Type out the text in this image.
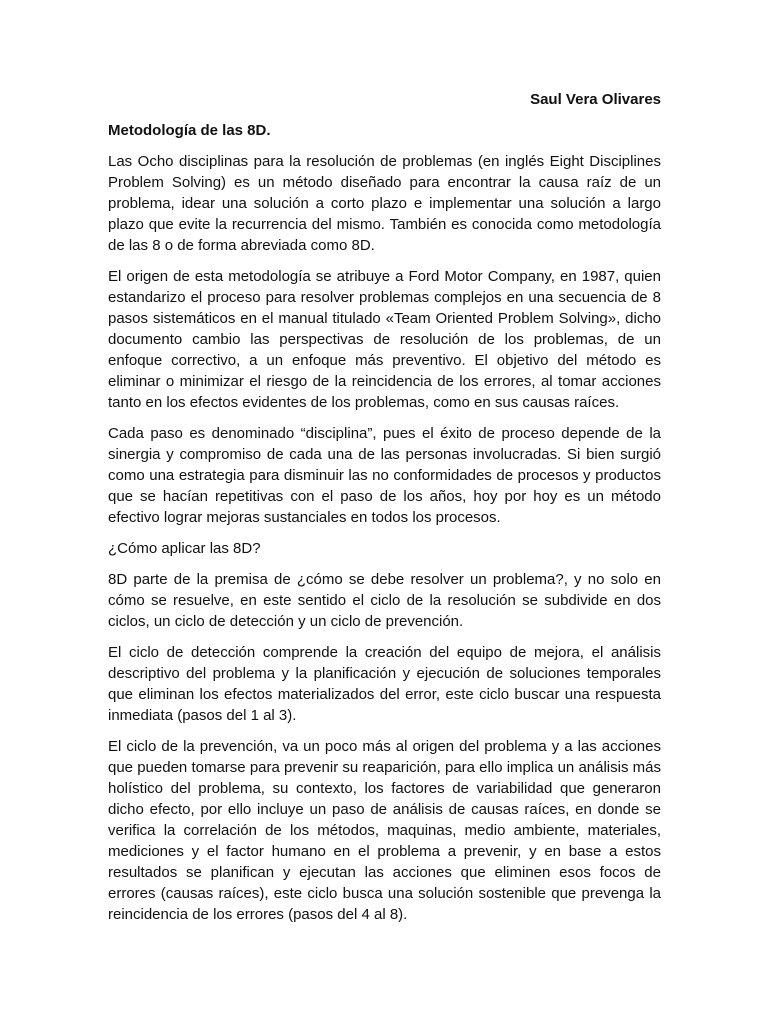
Saul Vera Olivares

Metodología de las 8D.

Las Ocho disciplinas para la resolución de problemas (en inglés Eight Disciplines Problem Solving) es un método diseñado para encontrar la causa raíz de un problema, idear una solución a corto plazo e implementar una solución a largo plazo que evite la recurrencia del mismo. También es conocida como metodología de las 8 o de forma abreviada como 8D.

El origen de esta metodología se atribuye a Ford Motor Company, en 1987, quien estandarizo el proceso para resolver problemas complejos en una secuencia de 8 pasos sistemáticos en el manual titulado «Team Oriented Problem Solving», dicho documento cambio las perspectivas de resolución de los problemas, de un enfoque correctivo, a un enfoque más preventivo. El objetivo del método es eliminar o minimizar el riesgo de la reincidencia de los errores, al tomar acciones tanto en los efectos evidentes de los problemas, como en sus causas raíces.

Cada paso es denominado “disciplina”, pues el éxito de proceso depende de la sinergia y compromiso de cada una de las personas involucradas. Si bien surgió como una estrategia para disminuir las no conformidades de procesos y productos que se hacían repetitivas con el paso de los años, hoy por hoy es un método efectivo lograr mejoras sustanciales en todos los procesos.

¿Cómo aplicar las 8D?

8D parte de la premisa de ¿cómo se debe resolver un problema?, y no solo en cómo se resuelve, en este sentido el ciclo de la resolución se subdivide en dos ciclos, un ciclo de detección y un ciclo de prevención.

El ciclo de detección comprende la creación del equipo de mejora, el análisis descriptivo del problema y la planificación y ejecución de soluciones temporales que eliminan los efectos materializados del error, este ciclo buscar una respuesta inmediata (pasos del 1 al 3).

El ciclo de la prevención, va un poco más al origen del problema y a las acciones que pueden tomarse para prevenir su reaparición, para ello implica un análisis más holístico del problema, su contexto, los factores de variabilidad que generaron dicho efecto, por ello incluye un paso de análisis de causas raíces, en donde se verifica la correlación de los métodos, maquinas, medio ambiente, materiales, mediciones y el factor humano en el problema a prevenir, y en base a estos resultados se planifican y ejecutan las acciones que eliminen esos focos de errores (causas raíces), este ciclo busca una solución sostenible que prevenga la reincidencia de los errores (pasos del 4 al 8).
